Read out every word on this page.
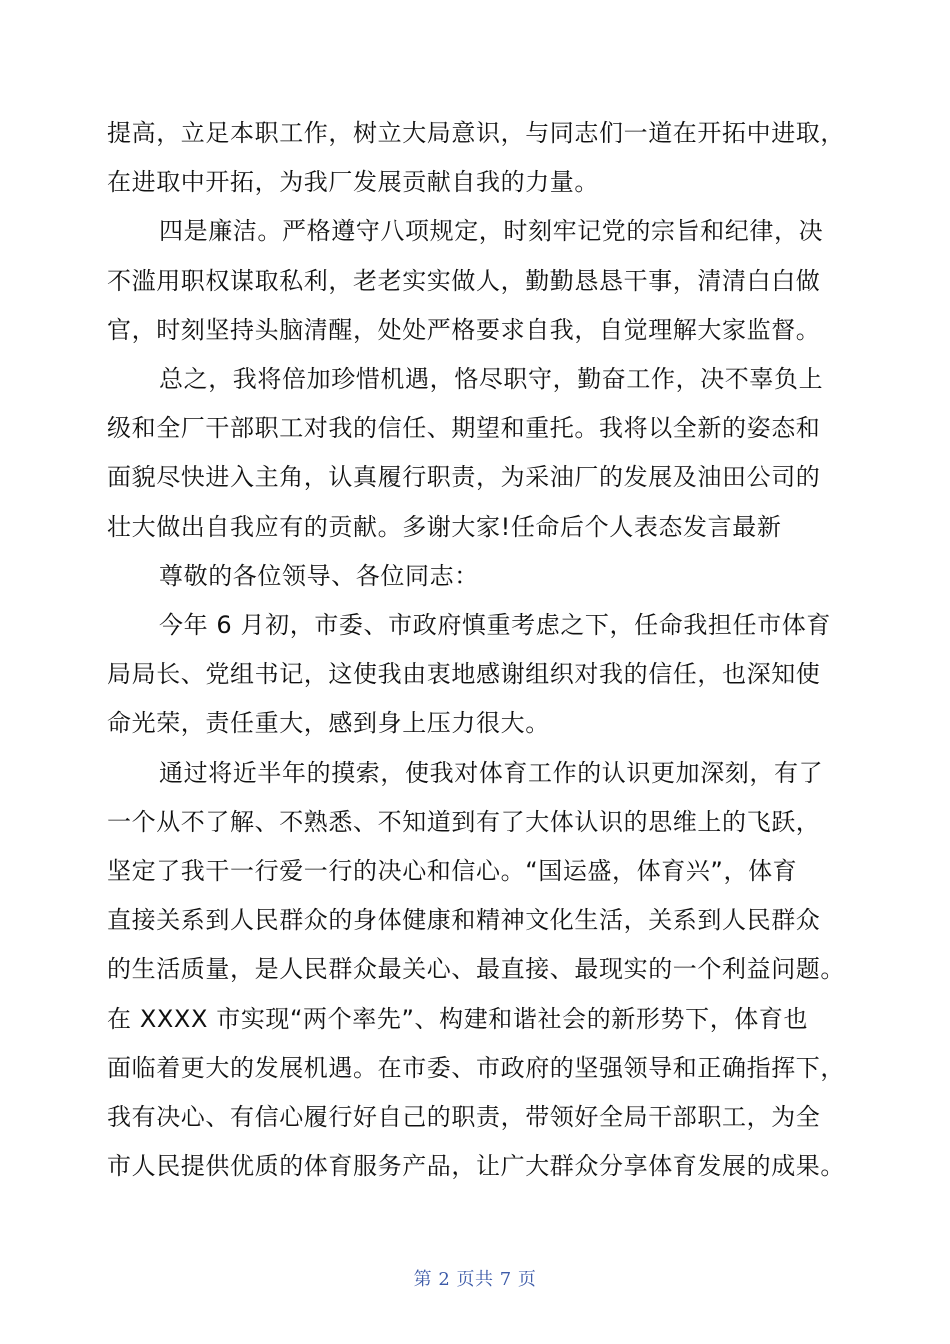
提高，立足本职工作，树立大局意识，与同志们一道在开拓中进取，
在进取中开拓，为我厂发展贡献自我的力量。

四是廉洁。严格遵守八项规定，时刻牢记党的宗旨和纪律，决
不滥用职权谋取私利，老老实实做人，勤勤恳恳干事，清清白白做
官，时刻坚持头脑清醒，处处严格要求自我，自觉理解大家监督。

总之，我将倍加珍惜机遇，恪尽职守，勤奋工作，决不辜负上
级和全厂干部职工对我的信任、期望和重托。我将以全新的姿态和
面貌尽快进入主角，认真履行职责，为采油厂的发展及油田公司的
壮大做出自我应有的贡献。多谢大家!任命后个人表态发言最新

尊敬的各位领导、各位同志：

今年 6 月初，市委、市政府慎重考虑之下，任命我担任市体育
局局长、党组书记，这使我由衷地感谢组织对我的信任，也深知使
命光荣，责任重大，感到身上压力很大。

通过将近半年的摸索，使我对体育工作的认识更加深刻，有了
一个从不了解、不熟悉、不知道到有了大体认识的思维上的飞跃，
坚定了我干一行爱一行的决心和信心。“国运盛，体育兴”，体育
直接关系到人民群众的身体健康和精神文化生活，关系到人民群众
的生活质量，是人民群众最关心、最直接、最现实的一个利益问题。
在 XXXX 市实现“两个率先”、构建和谐社会的新形势下，体育也
面临着更大的发展机遇。在市委、市政府的坚强领导和正确指挥下，
我有决心、有信心履行好自己的职责，带领好全局干部职工，为全
市人民提供优质的体育服务产品，让广大群众分享体育发展的成果。

第 2 页共 7 页
